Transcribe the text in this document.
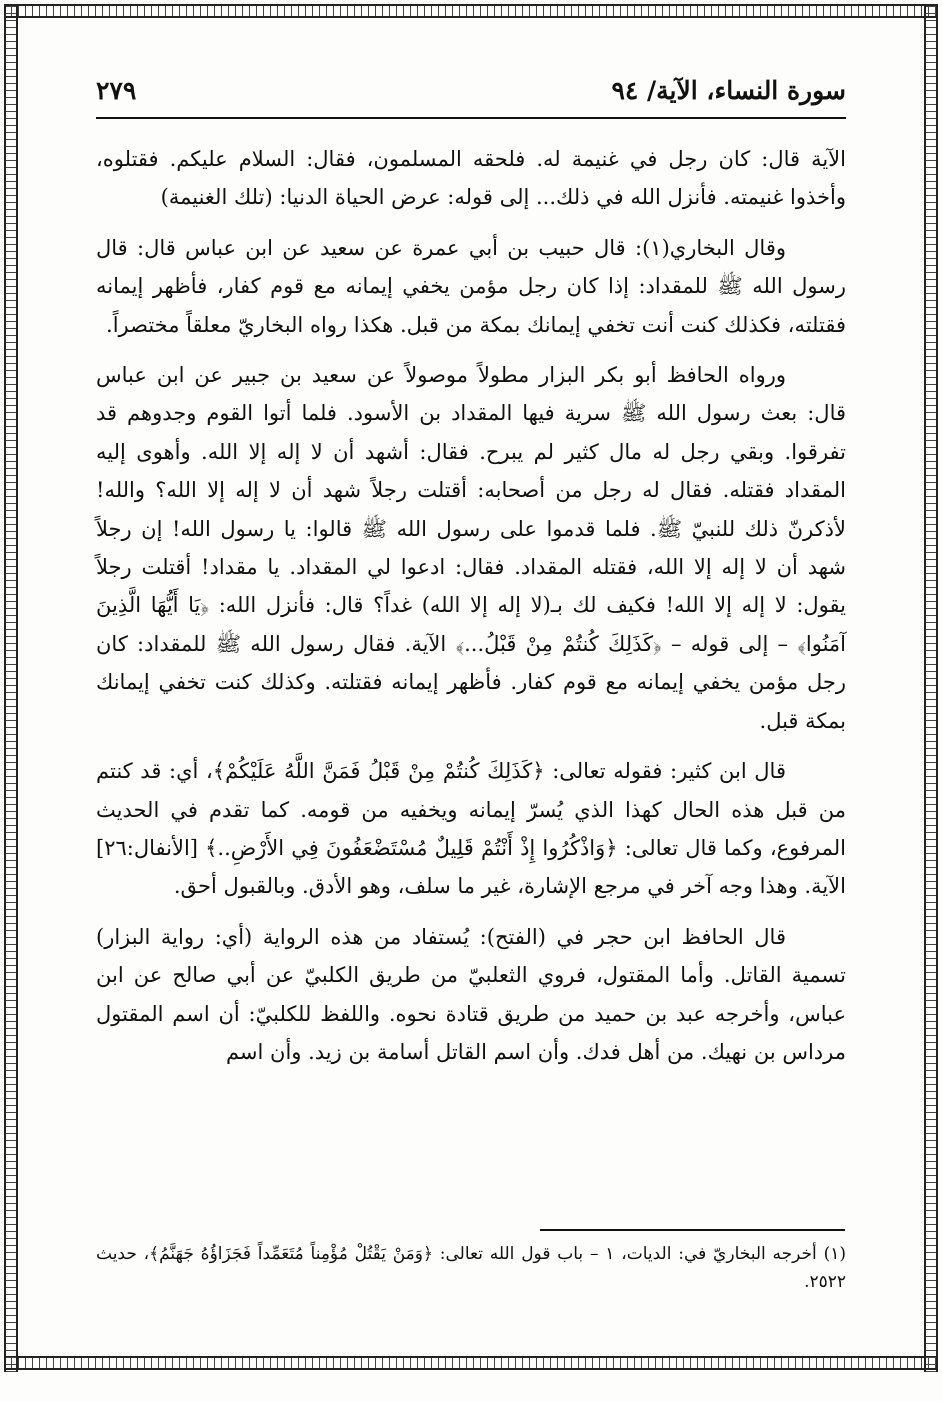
سورة النساء، الآية/ ٩٤
٢٧٩

الآية قال: كان رجل في غنيمة له. فلحقه المسلمون، فقال: السلام عليكم. فقتلوه، وأخذوا غنيمته. فأنزل الله في ذلك... إلى قوله: عرض الحياة الدنيا: (تلك الغنيمة)

وقال البخاري(١): قال حبيب بن أبي عمرة عن سعيد عن ابن عباس قال: قال رسول الله ﷺ للمقداد: إذا كان رجل مؤمن يخفي إيمانه مع قوم كفار، فأظهر إيمانه فقتلته، فكذلك كنت أنت تخفي إيمانك بمكة من قبل. هكذا رواه البخاريّ معلقاً مختصراً.

ورواه الحافظ أبو بكر البزار مطولاً موصولاً عن سعيد بن جبير عن ابن عباس قال: بعث رسول الله ﷺ سرية فيها المقداد بن الأسود. فلما أتوا القوم وجدوهم قد تفرقوا. وبقي رجل له مال كثير لم يبرح. فقال: أشهد أن لا إله إلا الله. وأهوى إليه المقداد فقتله. فقال له رجل من أصحابه: أقتلت رجلاً شهد أن لا إله إلا الله؟ والله! لأذكرنّ ذلك للنبيّ ﷺ. فلما قدموا على رسول الله ﷺ قالوا: يا رسول الله! إن رجلاً شهد أن لا إله إلا الله، فقتله المقداد. فقال: ادعوا لي المقداد. يا مقداد! أقتلت رجلاً يقول: لا إله إلا الله! فكيف لك بـ(لا إله إلا الله) غداً؟ قال: فأنزل الله: ﴿يَا أَيُّهَا الَّذِينَ آمَنُوا﴾ – إلى قوله – ﴿كَذَلِكَ كُنتُمْ مِنْ قَبْلُ...﴾ الآية. فقال رسول الله ﷺ للمقداد: كان رجل مؤمن يخفي إيمانه مع قوم كفار. فأظهر إيمانه فقتلته. وكذلك كنت تخفي إيمانك بمكة قبل.

قال ابن كثير: فقوله تعالى: ﴿كَذَلِكَ كُنتُمْ مِنْ قَبْلُ فَمَنَّ اللَّهُ عَلَيْكُمْ﴾، أي: قد كنتم من قبل هذه الحال كهذا الذي يُسرّ إيمانه ويخفيه من قومه. كما تقدم في الحديث المرفوع، وكما قال تعالى: ﴿وَاذْكُرُوا إِذْ أَنْتُمْ قَلِيلٌ مُسْتَضْعَفُونَ فِي الأَرْضِ..﴾ [الأنفال:٢٦] الآية. وهذا وجه آخر في مرجع الإشارة، غير ما سلف، وهو الأدق. وبالقبول أحق.

قال الحافظ ابن حجر في (الفتح): يُستفاد من هذه الرواية (أي: رواية البزار) تسمية القاتل. وأما المقتول، فروي الثعلبيّ من طريق الكلبيّ عن أبي صالح عن ابن عباس، وأخرجه عبد بن حميد من طريق قتادة نحوه. واللفظ للكلبيّ: أن اسم المقتول مرداس بن نهيك. من أهل فدك. وأن اسم القاتل أسامة بن زيد. وأن اسم

(١) أخرجه البخاريّ في: الديات، ١ – باب قول الله تعالى: ﴿وَمَنْ يَقْتُلْ مُؤْمِناً مُتَعَمِّداً فَجَزَاؤُهُ جَهَنَّمُ﴾، حديث ٢٥٢٢.
